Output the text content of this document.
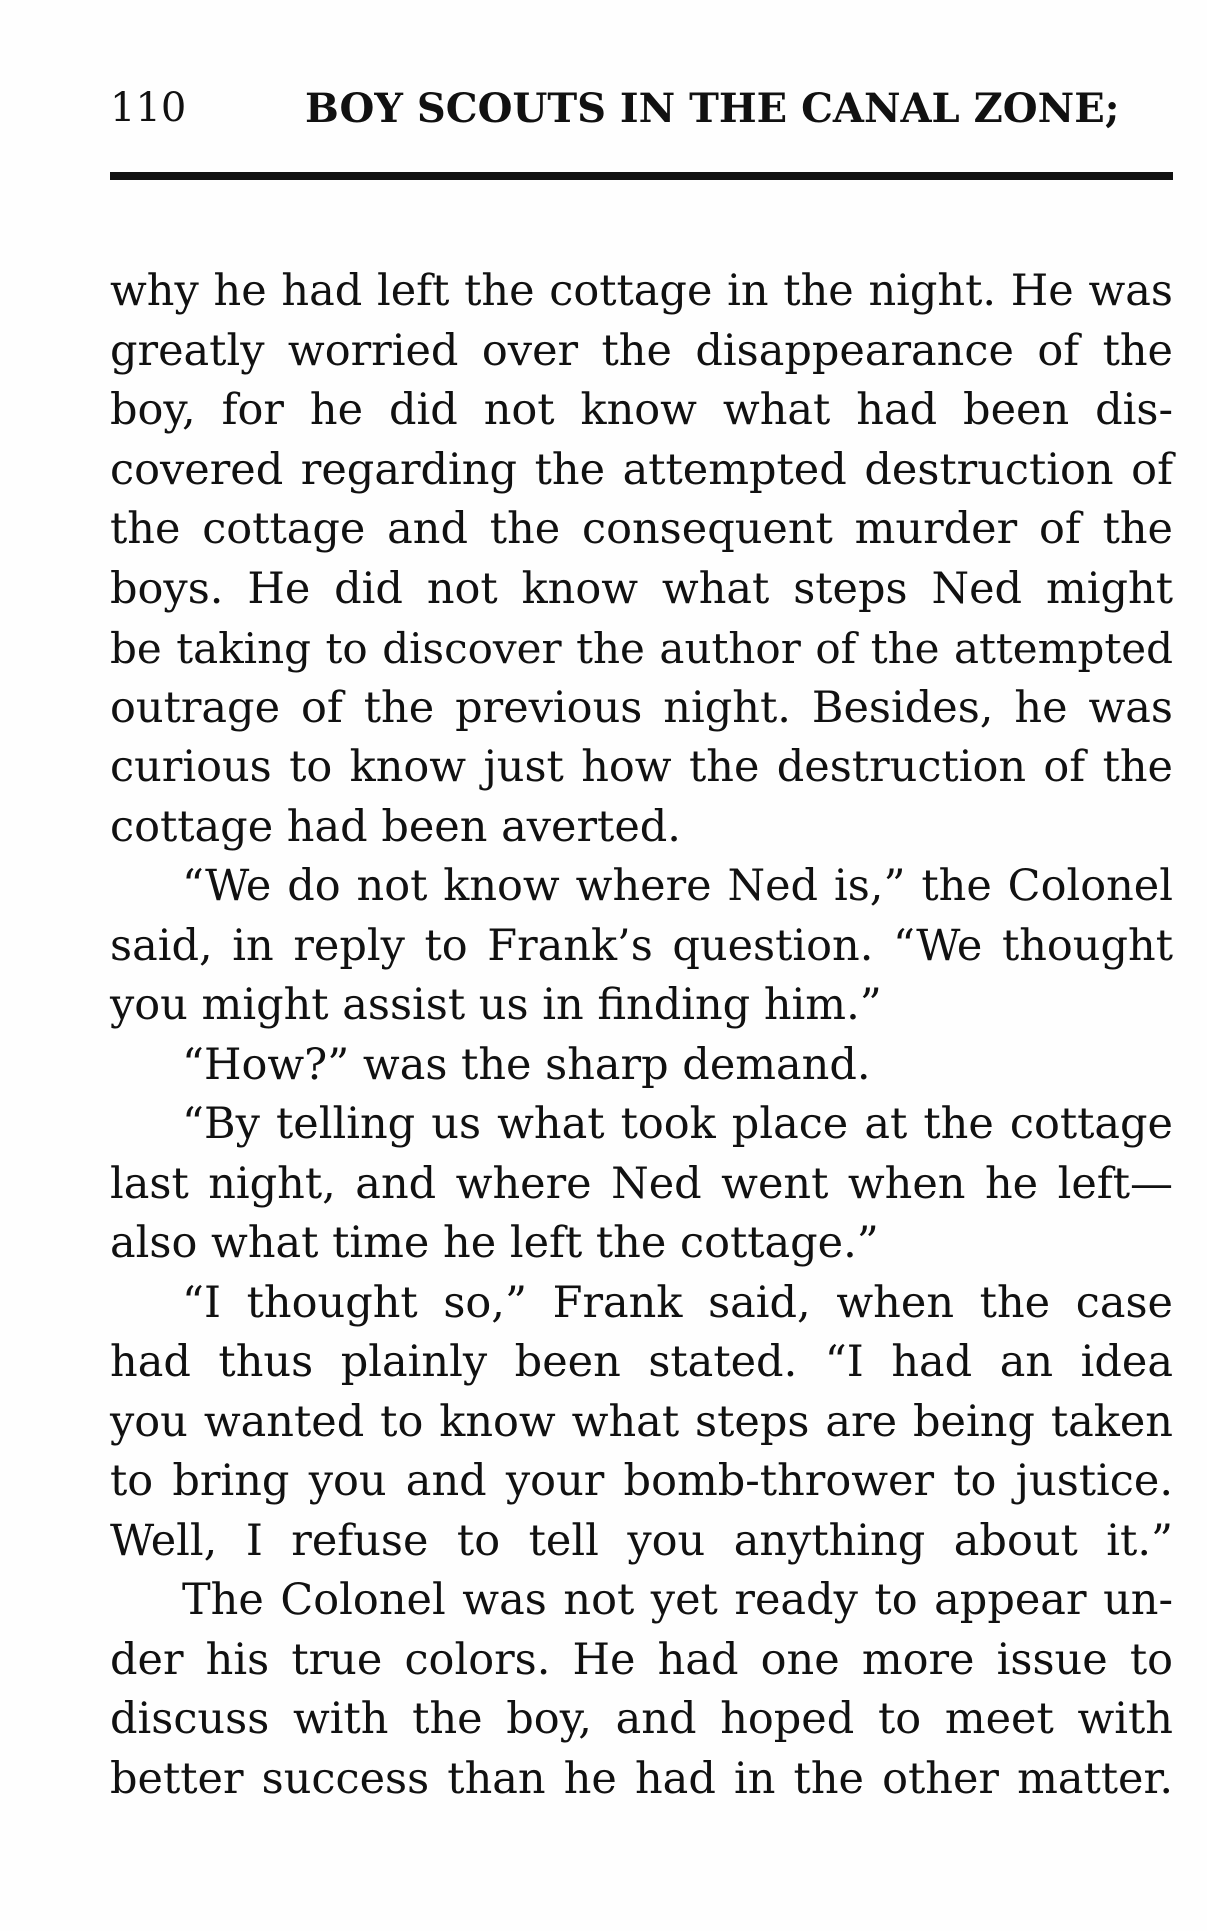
110	BOY SCOUTS IN THE CANAL ZONE;
why he had left the cottage in the night. He was
greatly worried over the disappearance of the
boy, for he did not know what had been dis-
covered regarding the attempted destruction of
the cottage and the consequent murder of the
boys. He did not know what steps Ned might
be taking to discover the author of the attempted
outrage of the previous night. Besides, he was
curious to know just how the destruction of the
cottage had been averted.
“We do not know where Ned is,” the Colonel
said, in reply to Frank’s question. “We thought
you might assist us in finding him.”
“How?” was the sharp demand.
“By telling us what took place at the cottage
last night, and where Ned went when he left—
also what time he left the cottage.”
“I thought so,” Frank said, when the case
had thus plainly been stated. “I had an idea
you wanted to know what steps are being taken
to bring you and your bomb-thrower to justice.
Well, I refuse to tell you anything about it.”
The Colonel was not yet ready to appear un-
der his true colors. He had one more issue to
discuss with the boy, and hoped to meet with
better success than he had in the other matter.
